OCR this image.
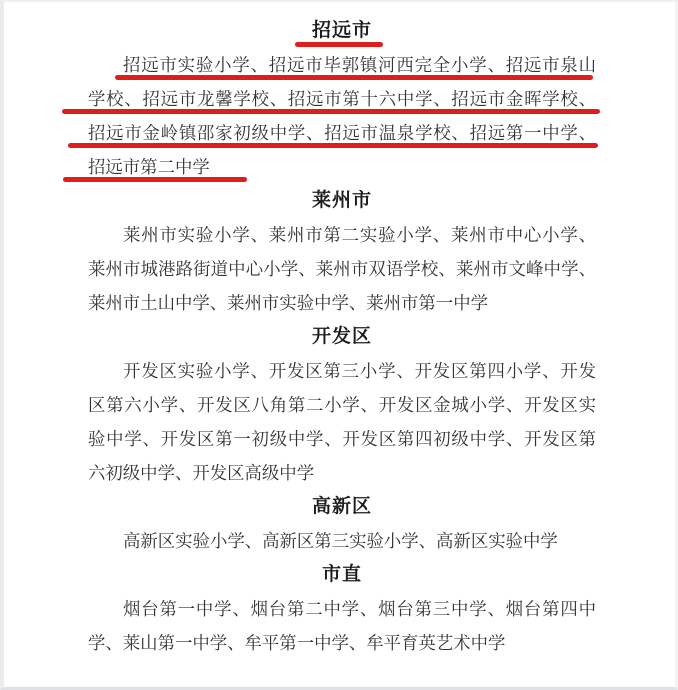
招远市
招远市实验小学、招远市毕郭镇河西完全小学、招远市泉山
学校、招远市龙馨学校、招远市第十六中学、招远市金晖学校、
招远市金岭镇邵家初级中学、招远市温泉学校、招远第一中学、
招远市第二中学
莱州市
莱州市实验小学、莱州市第二实验小学、莱州市中心小学、
莱州市城港路街道中心小学、莱州市双语学校、莱州市文峰中学、
莱州市土山中学、莱州市实验中学、莱州市第一中学
开发区
开发区实验小学、开发区第三小学、开发区第四小学、开发
区第六小学、开发区八角第二小学、开发区金城小学、开发区实
验中学、开发区第一初级中学、开发区第四初级中学、开发区第
六初级中学、开发区高级中学
高新区
高新区实验小学、高新区第三实验小学、高新区实验中学
市直
烟台第一中学、烟台第二中学、烟台第三中学、烟台第四中
学、莱山第一中学、牟平第一中学、牟平育英艺术中学
